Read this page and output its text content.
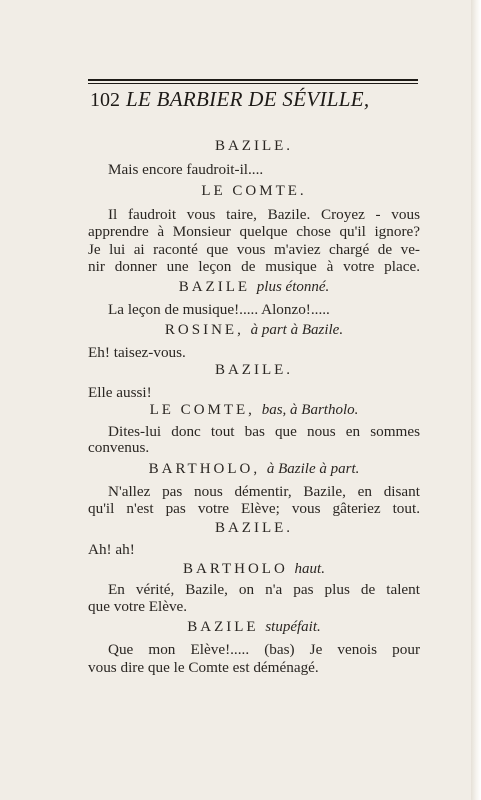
102 LE BARBIER DE SÉVILLE,
BAZILE.
Mais encore faudroit-il....
LE COMTE.
Il faudroit vous taire, Bazile. Croyez - vous
apprendre à Monsieur quelque chose qu'il ignore?
Je lui ai raconté que vous m'aviez chargé de ve-
nir donner une leçon de musique à votre place.
BAZILE plus étonné.
La leçon de musique!..... Alonzo!.....
ROSINE, à part à Bazile.
Eh! taisez-vous.
BAZILE.
Elle aussi!
LE COMTE, bas, à Bartholo.
Dites-lui donc tout bas que nous en sommes
convenus.
BARTHOLO, à Bazile à part.
N'allez pas nous démentir, Bazile, en disant
qu'il n'est pas votre Elève; vous gâteriez tout.
BAZILE.
Ah! ah!
BARTHOLO haut.
En vérité, Bazile, on n'a pas plus de talent
que votre Elève.
BAZILE stupéfait.
Que mon Elève!..... (bas) Je venois pour
vous dire que le Comte est déménagé.
